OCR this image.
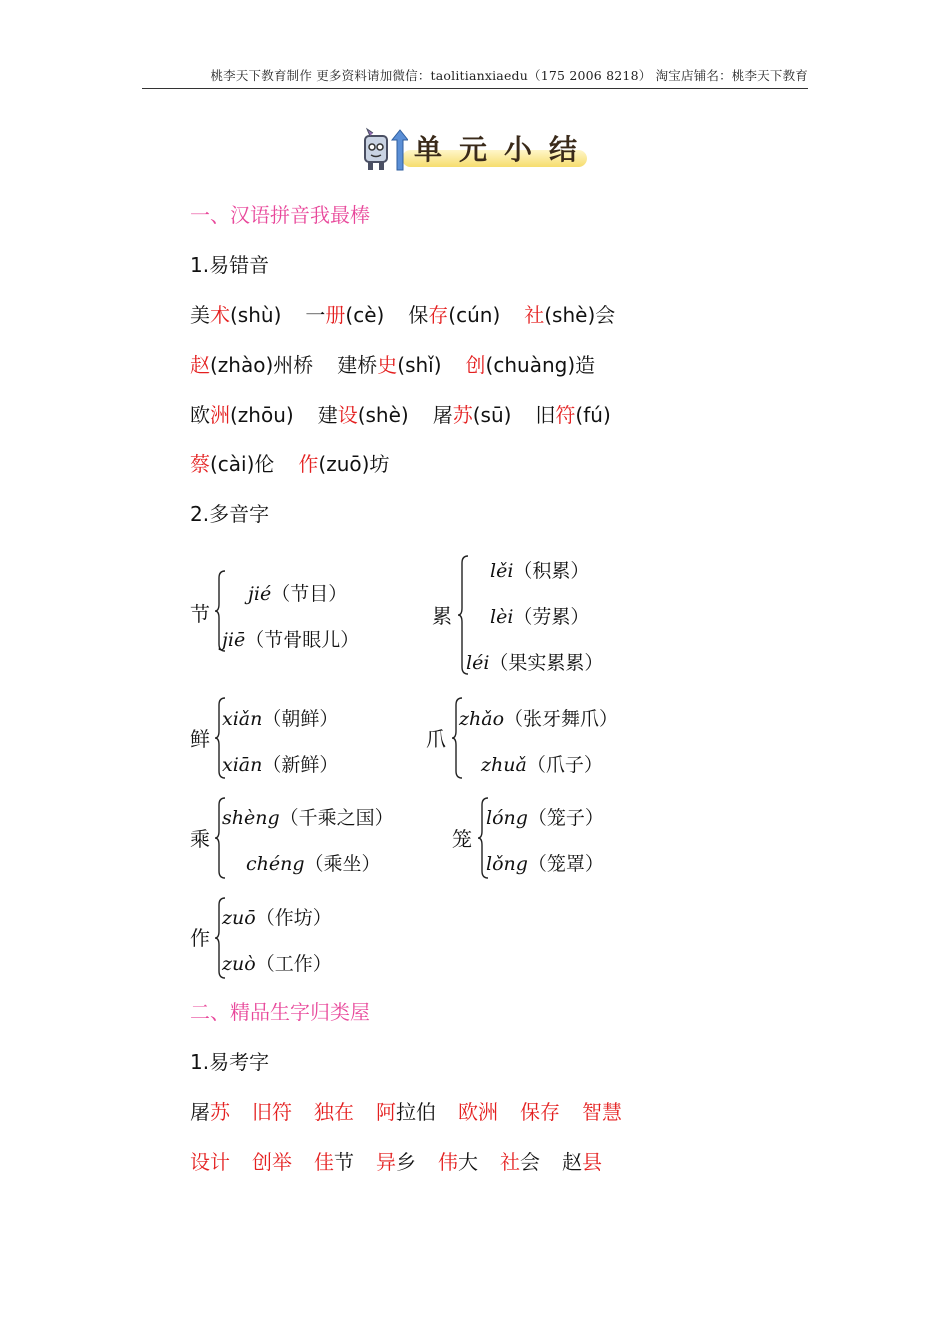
桃李天下教育制作 更多资料请加微信：taolitianxiaedu（175 2006 8218） 淘宝店铺名：桃李天下教育
单元小结
一、汉语拼音我最棒
1.易错音
美术(shù) 一册(cè) 保存(cún) 社(shè)会
赵(zhào)州桥 建桥史(shǐ) 创(chuàng)造
欧洲(zhōu) 建设(shè) 屠苏(sū) 旧符(fú)
蔡(cài)伦 作(zuō)坊
2.多音字
节
jié（节目）
jiē（节骨眼儿）
累
lěi（积累）
lèi（劳累）
léi（果实累累）
鲜
xiǎn（朝鲜）
xiān（新鲜）
爪
zhǎo（张牙舞爪）
zhuǎ（爪子）
乘
shèng（千乘之国）
chéng（乘坐）
笼
lóng（笼子）
lǒng（笼罩）
作
zuō（作坊）
zuò（工作）
二、精品生字归类屋
1.易考字
屠苏 旧符 独在 阿拉伯 欧洲 保存 智慧
设计 创举 佳节 异乡 伟大 社会 赵县
